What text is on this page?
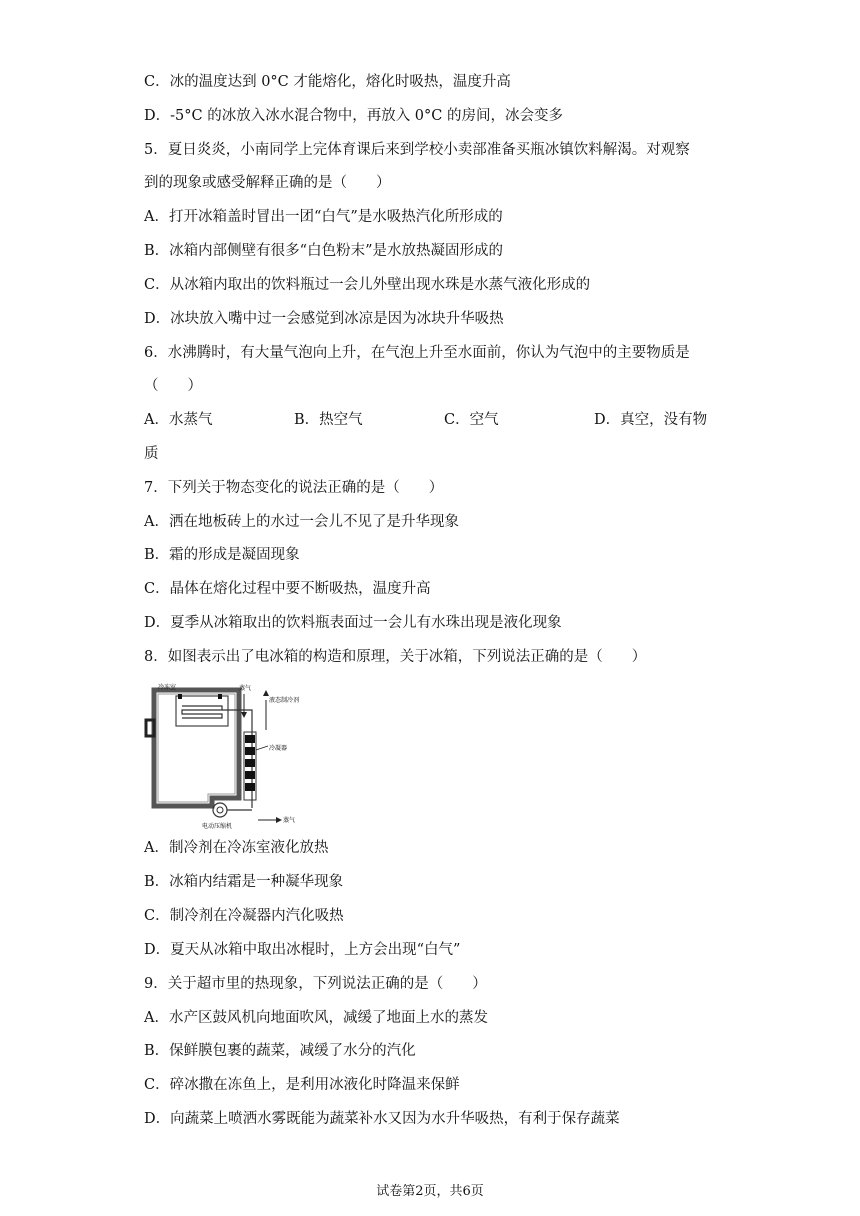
C．冰的温度达到 0°C 才能熔化，熔化时吸热，温度升高
D．-5°C 的冰放入冰水混合物中，再放入 0°C 的房间，冰会变多
5．夏日炎炎，小南同学上完体育课后来到学校小卖部准备买瓶冰镇饮料解渴。对观察
到的现象或感受解释正确的是（　　）
A．打开冰箱盖时冒出一团“白气”是水吸热汽化所形成的
B．冰箱内部侧壁有很多“白色粉末”是水放热凝固形成的
C．从冰箱内取出的饮料瓶过一会儿外壁出现水珠是水蒸气液化形成的
D．冰块放入嘴中过一会感觉到冰凉是因为冰块升华吸热
6．水沸腾时，有大量气泡向上升，在气泡上升至水面前，你认为气泡中的主要物质是
（　　）
A．水蒸气	B．热空气	C．空气	D．真空，没有物
质
7．下列关于物态变化的说法正确的是（　　）
A．洒在地板砖上的水过一会儿不见了是升华现象
B．霜的形成是凝固现象
C．晶体在熔化过程中要不断吸热，温度升高
D．夏季从冰箱取出的饮料瓶表面过一会儿有水珠出现是液化现象
8．如图表示出了电冰箱的构造和原理，关于冰箱，下列说法正确的是（　　）
冷冻室	蒸气
液态制冷剂
冷凝器
蒸气
电动压缩机
A．制冷剂在冷冻室液化放热
B．冰箱内结霜是一种凝华现象
C．制冷剂在冷凝器内汽化吸热
D．夏天从冰箱中取出冰棍时，上方会出现“白气”
9．关于超市里的热现象，下列说法正确的是（　　）
A．水产区鼓风机向地面吹风，减缓了地面上水的蒸发
B．保鲜膜包裹的蔬菜，减缓了水分的汽化
C．碎冰撒在冻鱼上，是利用冰液化时降温来保鲜
D．向蔬菜上喷洒水雾既能为蔬菜补水又因为水升华吸热，有利于保存蔬菜
试卷第2页，共6页
